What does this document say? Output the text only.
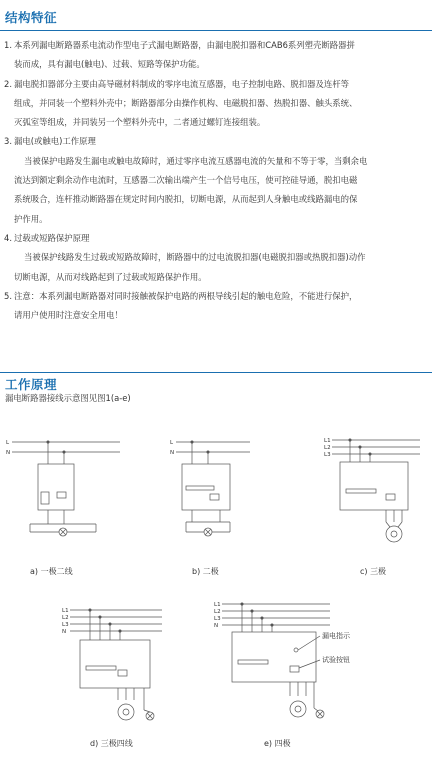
结构特征
1. 本系列漏电断路器系电流动作型电子式漏电断路器，由漏电脱扣器和CAB6系列塑壳断路器拼
装而成，具有漏电(触电)、过载、短路等保护功能。
2. 漏电脱扣器部分主要由高导磁材料制成的零序电流互感器，电子控制电路、脱扣器及连杆等
组成，并同装一个塑料外壳中；断路器部分由操作机构、电磁脱扣器、热脱扣器、触头系统、
灭弧室等组成，并同装另一个塑料外壳中，二者通过螺钉连接组装。
3. 漏电(或触电)工作原理
当被保护电路发生漏电或触电故障时，通过零序电流互感器电流的矢量和不等于零，当剩余电
流达到额定剩余动作电流时，互感器二次输出端产生一个信号电压，使可控硅导通，脱扣电磁
系统吸合，连杆推动断路器在规定时间内脱扣，切断电源，从而起到人身触电或线路漏电的保
护作用。
4. 过载或短路保护原理
当被保护线路发生过载或短路故障时，断路器中的过电流脱扣器(电磁脱扣器或热脱扣器)动作
切断电源，从而对线路起到了过载或短路保护作用。
5. 注意：本系列漏电断路器对同时接触被保护电路的两根导线引起的触电危险，不能进行保护，
请用户使用时注意安全用电！
工作原理
漏电断路器接线示意图见图1(a-e)
L
N
a) 一极二线
L
N
b) 二极
L1
L2
L3
c) 三极
L1
L2
L3
N
d) 三极四线
L1
L2
L3
N
漏电指示
试验按钮
e) 四极
